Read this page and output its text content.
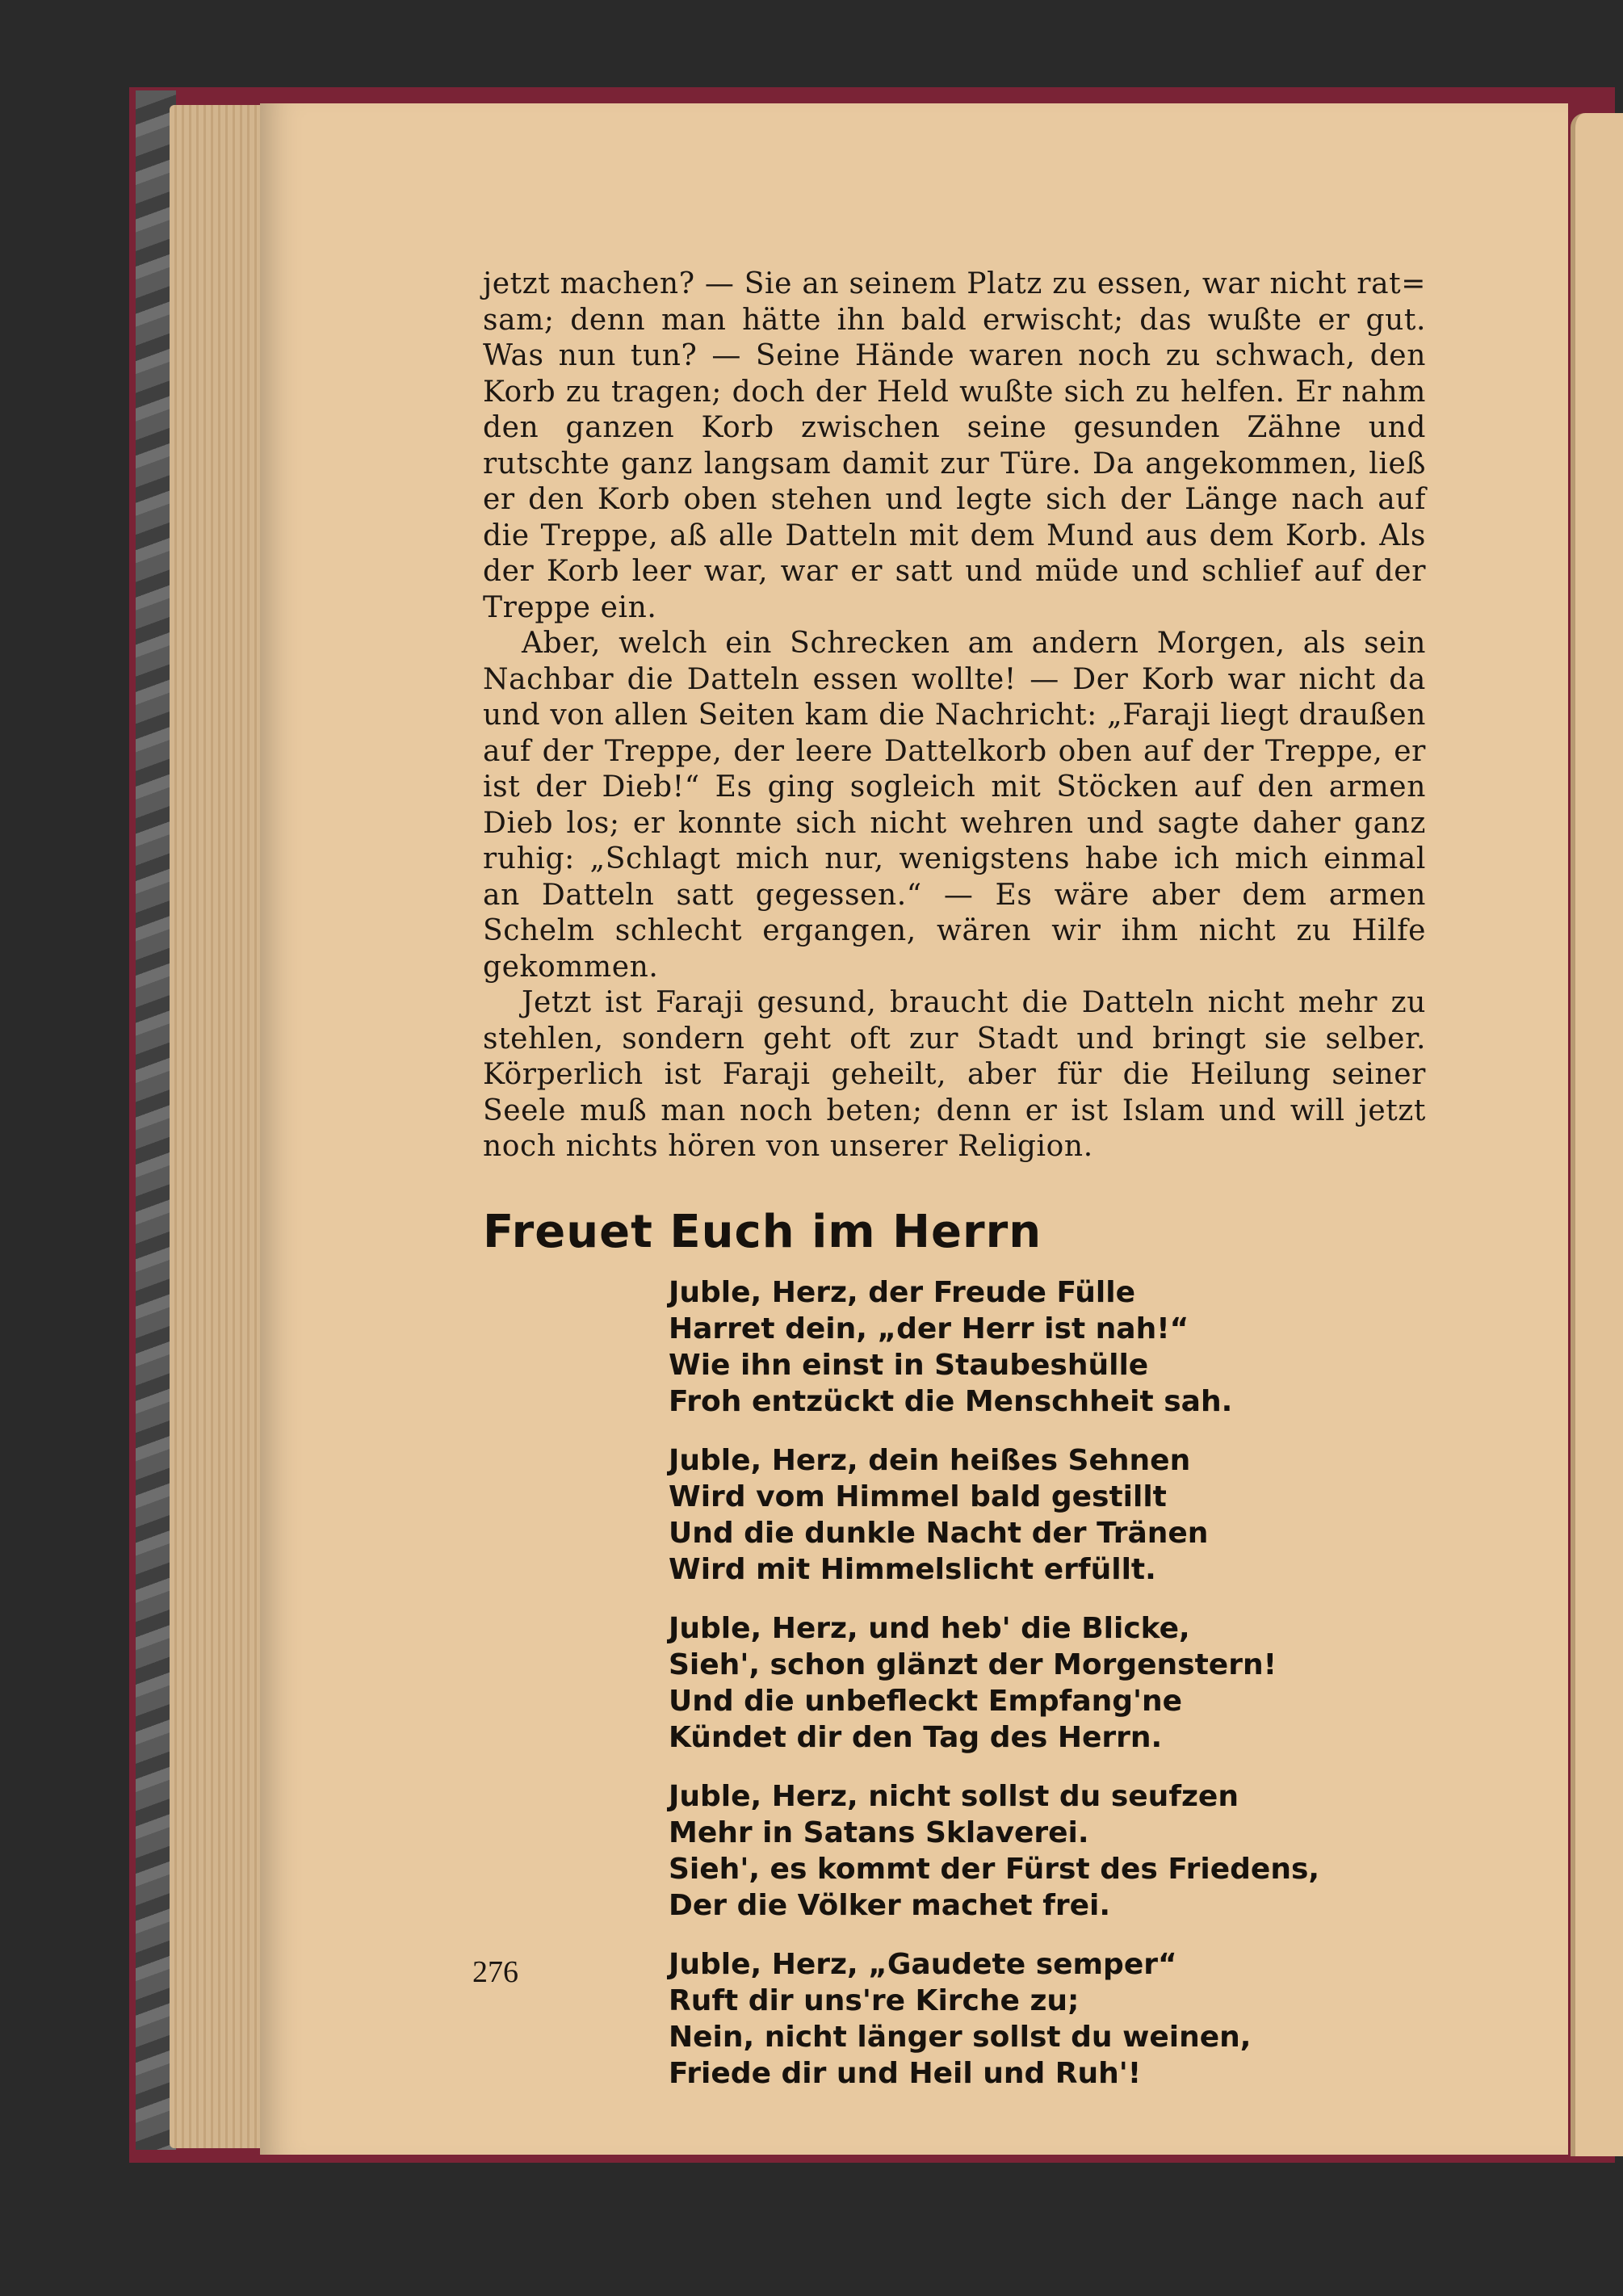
jetzt machen? — Sie an seinem Platz zu essen, war nicht rat= sam; denn man hätte ihn bald erwischt; das wußte er gut. Was nun tun? — Seine Hände waren noch zu schwach, den Korb zu tragen; doch der Held wußte sich zu helfen. Er nahm den ganzen Korb zwischen seine gesunden Zähne und rutschte ganz langsam damit zur Türe. Da angekommen, ließ er den Korb oben stehen und legte sich der Länge nach auf die Treppe, aß alle Datteln mit dem Mund aus dem Korb. Als der Korb leer war, war er satt und müde und schlief auf der Treppe ein.

Aber, welch ein Schrecken am andern Morgen, als sein Nachbar die Datteln essen wollte! — Der Korb war nicht da und von allen Seiten kam die Nachricht: „Faraji liegt draußen auf der Treppe, der leere Dattelkorb oben auf der Treppe, er ist der Dieb!“ Es ging sogleich mit Stöcken auf den armen Dieb los; er konnte sich nicht wehren und sagte daher ganz ruhig: „Schlagt mich nur, wenigstens habe ich mich einmal an Datteln satt gegessen.“ — Es wäre aber dem armen Schelm schlecht ergangen, wären wir ihm nicht zu Hilfe gekommen.

Jetzt ist Faraji gesund, braucht die Datteln nicht mehr zu stehlen, sondern geht oft zur Stadt und bringt sie selber. Körperlich ist Faraji geheilt, aber für die Heilung seiner Seele muß man noch beten; denn er ist Islam und will jetzt noch nichts hören von unserer Religion.

Freuet Euch im Herrn
Juble, Herz, der Freude Fülle
Harret dein, „der Herr ist nah!“
Wie ihn einst in Staubeshülle
Froh entzückt die Menschheit sah.
Juble, Herz, dein heißes Sehnen
Wird vom Himmel bald gestillt
Und die dunkle Nacht der Tränen
Wird mit Himmelslicht erfüllt.
Juble, Herz, und heb' die Blicke,
Sieh', schon glänzt der Morgenstern!
Und die unbefleckt Empfang'ne
Kündet dir den Tag des Herrn.
Juble, Herz, nicht sollst du seufzen
Mehr in Satans Sklaverei.
Sieh', es kommt der Fürst des Friedens,
Der die Völker machet frei.
Juble, Herz, „Gaudete semper“
Ruft dir uns're Kirche zu;
Nein, nicht länger sollst du weinen,
Friede dir und Heil und Ruh'!
276
